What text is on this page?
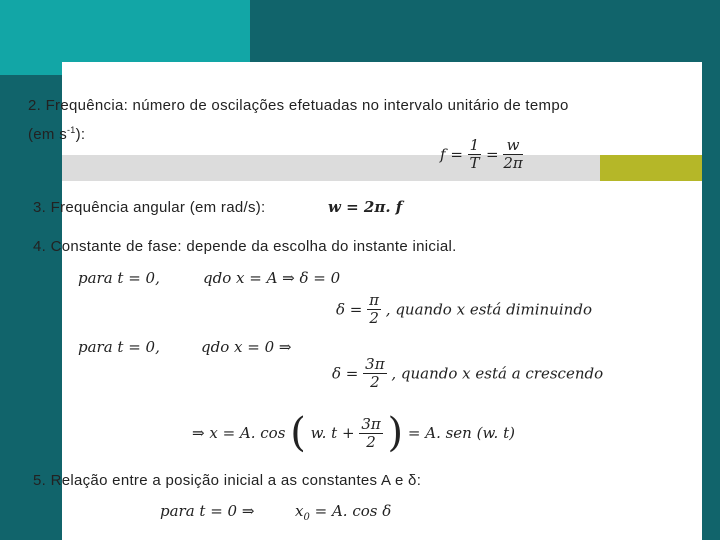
2. Frequência: número de oscilações efetuadas no intervalo unitário de tempo
(em $s^{-1}$):
$f = \frac{1}{T} = \frac{w}{2\pi}$
3. Frequência angular (em rad/s):	w = 2π. f
4. Constante de fase: depende da escolha do instante inicial.
para t = 0,	qdo x = A ⇒ δ = 0
$\delta = \frac{\pi}{2}$ , quando x está diminuindo
para t = 0,	qdo x = 0 ⇒
$\delta = \frac{3\pi}{2}$ , quando x está a crescendo
⇒ x = A. cos ( w. $t + \frac{3\pi}{2}$ ) = A. sen (w. t)
5. Relação entre a posição inicial a as constantes A e δ:
para t = 0 ⇒	$x_0 = A$. cos δ
